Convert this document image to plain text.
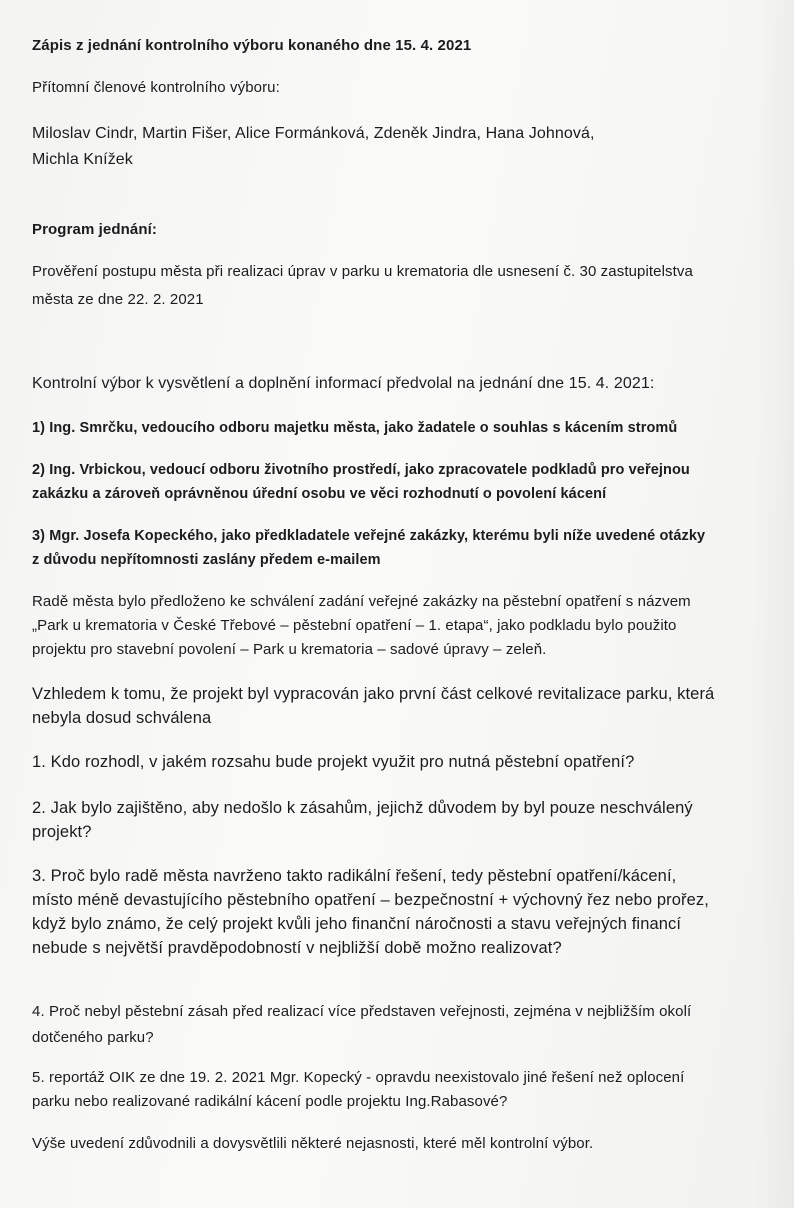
Zápis z jednání kontrolního výboru konaného dne 15. 4. 2021

Přítomní členové kontrolního výboru:

Miloslav Cindr, Martin Fišer, Alice Formánková, Zdeněk Jindra, Hana Johnová,

Michla Knížek

Program jednání:

Prověření postupu města při realizaci úprav v parku u krematoria dle usnesení č. 30 zastupitelstva

města ze dne 22. 2. 2021

Kontrolní výbor k vysvětlení a doplnění informací předvolal na jednání dne 15. 4. 2021:

1) Ing. Smrčku, vedoucího odboru majetku města, jako žadatele o souhlas s kácením stromů

2) Ing. Vrbickou, vedoucí odboru životního prostředí, jako zpracovatele podkladů pro veřejnou

zakázku a zároveň oprávněnou úřední osobu ve věci rozhodnutí o povolení kácení

3) Mgr. Josefa Kopeckého, jako předkladatele veřejné zakázky, kterému byli níže uvedené otázky

z důvodu nepřítomnosti zaslány předem e-mailem

Radě města bylo předloženo ke schválení zadání veřejné zakázky na pěstební opatření s názvem

„Park u krematoria v České Třebové – pěstební opatření – 1. etapa“, jako podkladu bylo použito

projektu pro stavební povolení – Park u krematoria – sadové úpravy – zeleň.

Vzhledem k tomu, že projekt byl vypracován jako první část celkové revitalizace parku, která

nebyla dosud schválena

1. Kdo rozhodl, v jakém rozsahu bude projekt využit pro nutná pěstební opatření?

2. Jak bylo zajištěno, aby nedošlo k zásahům, jejichž důvodem by byl pouze neschválený

projekt?

3. Proč bylo radě města navrženo takto radikální řešení, tedy pěstební opatření/kácení,

místo méně devastujícího pěstebního opatření – bezpečnostní + výchovný řez nebo prořez,

když bylo známo, že celý projekt kvůli jeho finanční náročnosti a stavu veřejných financí

nebude s největší pravděpodobností v nejbližší době možno realizovat?

4. Proč nebyl pěstební zásah před realizací více představen veřejnosti, zejména v nejbližším okolí

dotčeného parku?

5. reportáž OIK ze dne 19. 2. 2021 Mgr. Kopecký - opravdu neexistovalo jiné řešení než oplocení

parku nebo realizované radikální kácení podle projektu Ing.Rabasové?

Výše uvedení zdůvodnili a dovysvětlili některé nejasnosti, které měl kontrolní výbor.
